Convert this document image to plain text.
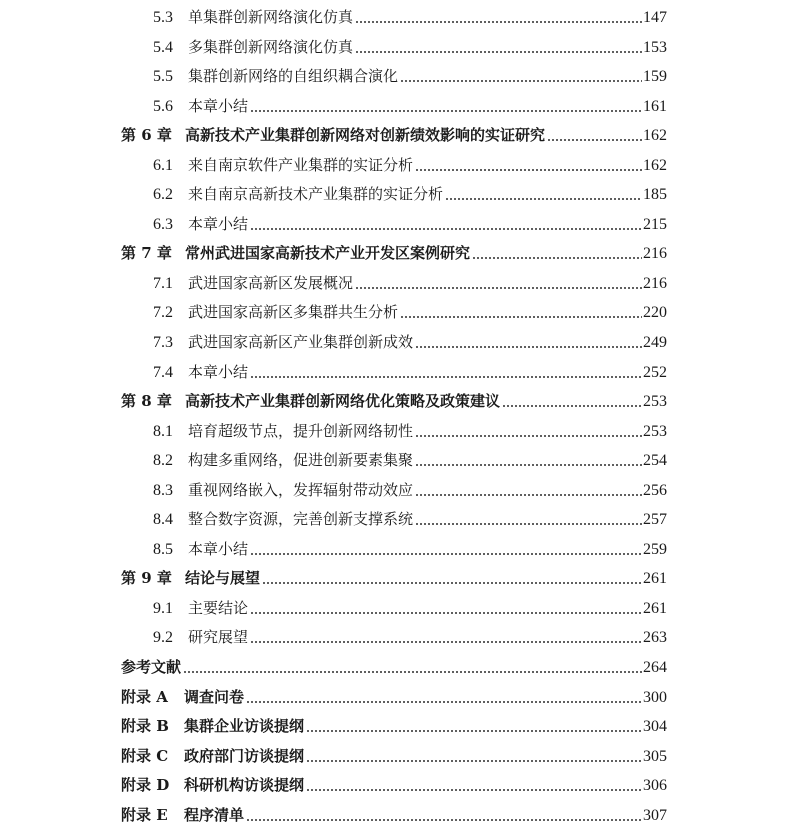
5.3 单集群创新网络演化仿真	147
5.4 多集群创新网络演化仿真	153
5.5 集群创新网络的自组织耦合演化	159
5.6 本章小结	161
第 6 章 高新技术产业集群创新网络对创新绩效影响的实证研究	162
6.1 来自南京软件产业集群的实证分析	162
6.2 来自南京高新技术产业集群的实证分析	185
6.3 本章小结	215
第 7 章 常州武进国家高新技术产业开发区案例研究	216
7.1 武进国家高新区发展概况	216
7.2 武进国家高新区多集群共生分析	220
7.3 武进国家高新区产业集群创新成效	249
7.4 本章小结	252
第 8 章 高新技术产业集群创新网络优化策略及政策建议	253
8.1 培育超级节点，提升创新网络韧性	253
8.2 构建多重网络，促进创新要素集聚	254
8.3 重视网络嵌入，发挥辐射带动效应	256
8.4 整合数字资源，完善创新支撑系统	257
8.5 本章小结	259
第 9 章 结论与展望	261
9.1 主要结论	261
9.2 研究展望	263
参考文献	264
附录 A 调查问卷	300
附录 B 集群企业访谈提纲	304
附录 C 政府部门访谈提纲	305
附录 D 科研机构访谈提纲	306
附录 E 程序清单	307
